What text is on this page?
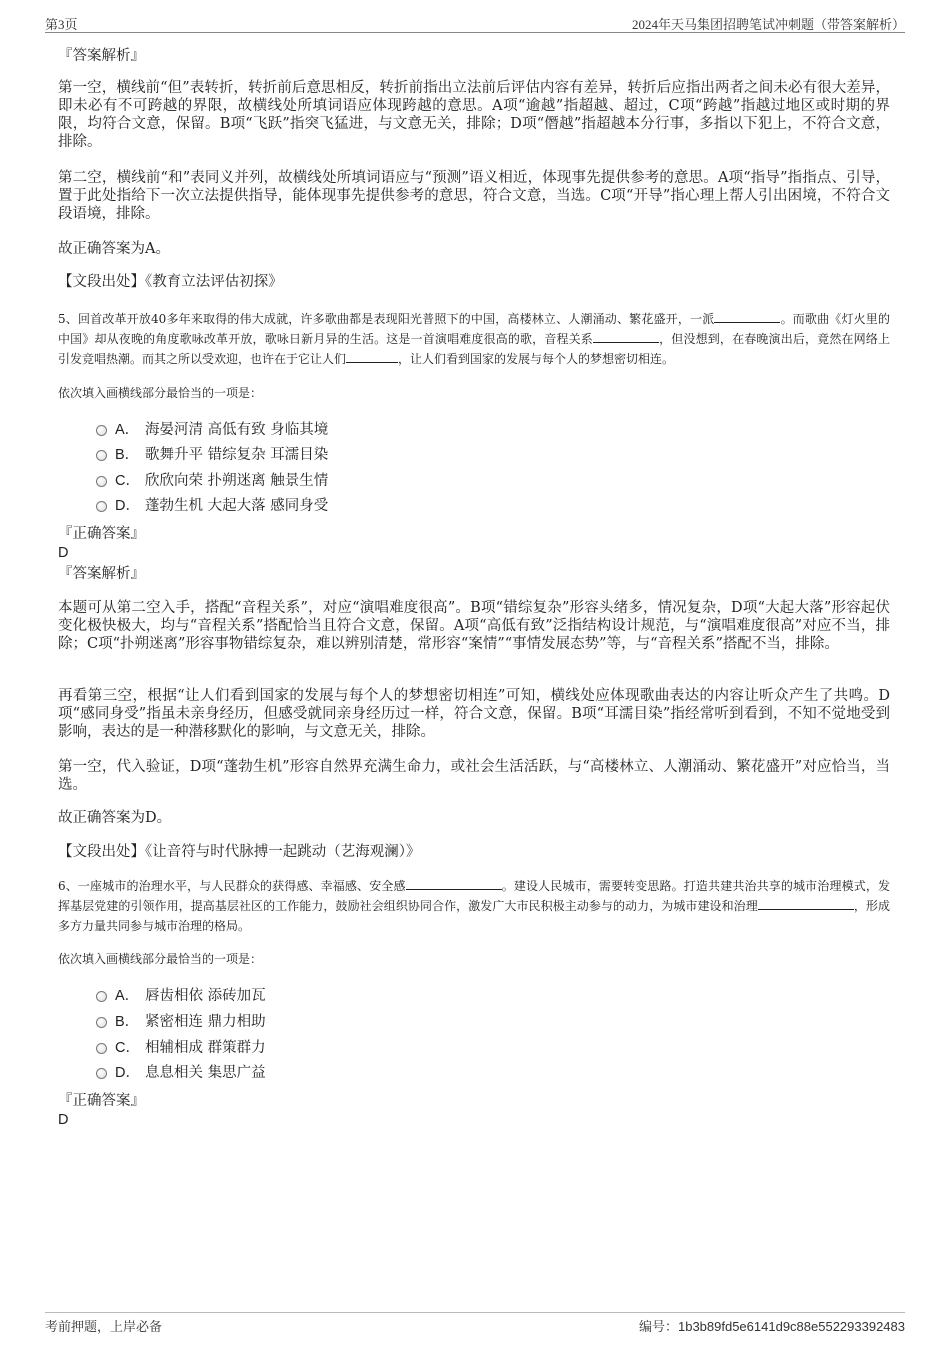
第3页	2024年天马集团招聘笔试冲刺题（带答案解析）
『答案解析』
第一空，横线前“但”表转折，转折前后意思相反，转折前指出立法前后评估内容有差异，转折后应指出两者之间未必有很大差异，即未必有不可跨越的界限，故横线处所填词语应体现跨越的意思。A项“逾越”指超越、超过，C项“跨越”指越过地区或时期的界限，均符合文意，保留。B项“飞跃”指突飞猛进，与文意无关，排除；D项“僭越”指超越本分行事，多指以下犯上，不符合文意，排除。
第二空，横线前“和”表同义并列，故横线处所填词语应与“预测”语义相近，体现事先提供参考的意思。A项“指导”指指点、引导，置于此处指给下一次立法提供指导，能体现事先提供参考的意思，符合文意，当选。C项“开导”指心理上帮人引出困境，不符合文段语境，排除。
故正确答案为A。
【文段出处】《教育立法评估初探》
5、回首改革开放40多年来取得的伟大成就，许多歌曲都是表现阳光普照下的中国，高楼林立、人潮涌动、繁花盛开，一派	。而歌曲《灯火里的中国》却从夜晚的角度歌咏改革开放，歌咏日新月异的生活。这是一首演唱难度很高的歌，音程关系	，但没想到，在春晚演出后，竟然在网络上引发竞唱热潮。而其之所以受欢迎，也许在于它让人们	，让人们看到国家的发展与每个人的梦想密切相连。
依次填入画横线部分最恰当的一项是：
A． 海晏河清 高低有致 身临其境
B． 歌舞升平 错综复杂 耳濡目染
C． 欣欣向荣 扑朔迷离 触景生情
D． 蓬勃生机 大起大落 感同身受
『正确答案』
D
『答案解析』
本题可从第二空入手，搭配“音程关系”，对应“演唱难度很高”。B项“错综复杂”形容头绪多，情况复杂，D项“大起大落”形容起伏变化极快极大，均与“音程关系”搭配恰当且符合文意，保留。A项“高低有致”泛指结构设计规范，与“演唱难度很高”对应不当，排除；C项“扑朔迷离”形容事物错综复杂，难以辨别清楚，常形容“案情”“事情发展态势”等，与“音程关系”搭配不当，排除。
再看第三空，根据“让人们看到国家的发展与每个人的梦想密切相连”可知，横线处应体现歌曲表达的内容让听众产生了共鸣。D项“感同身受”指虽未亲身经历，但感受就同亲身经历过一样，符合文意，保留。B项“耳濡目染”指经常听到看到，不知不觉地受到影响，表达的是一种潜移默化的影响，与文意无关，排除。
第一空，代入验证，D项“蓬勃生机”形容自然界充满生命力，或社会生活活跃，与“高楼林立、人潮涌动、繁花盛开”对应恰当，当选。
故正确答案为D。
【文段出处】《让音符与时代脉搏一起跳动（艺海观澜）》
6、一座城市的治理水平，与人民群众的获得感、幸福感、安全感	。建设人民城市，需要转变思路。打造共建共治共享的城市治理模式，发挥基层党建的引领作用，提高基层社区的工作能力，鼓励社会组织协同合作，激发广大市民积极主动参与的动力，为城市建设和治理	，形成多方力量共同参与城市治理的格局。
依次填入画横线部分最恰当的一项是：
A． 唇齿相依 添砖加瓦
B． 紧密相连 鼎力相助
C． 相辅相成 群策群力
D． 息息相关 集思广益
『正确答案』
D
考前押题，上岸必备	编号：1b3b89fd5e6141d9c88e552293392483
